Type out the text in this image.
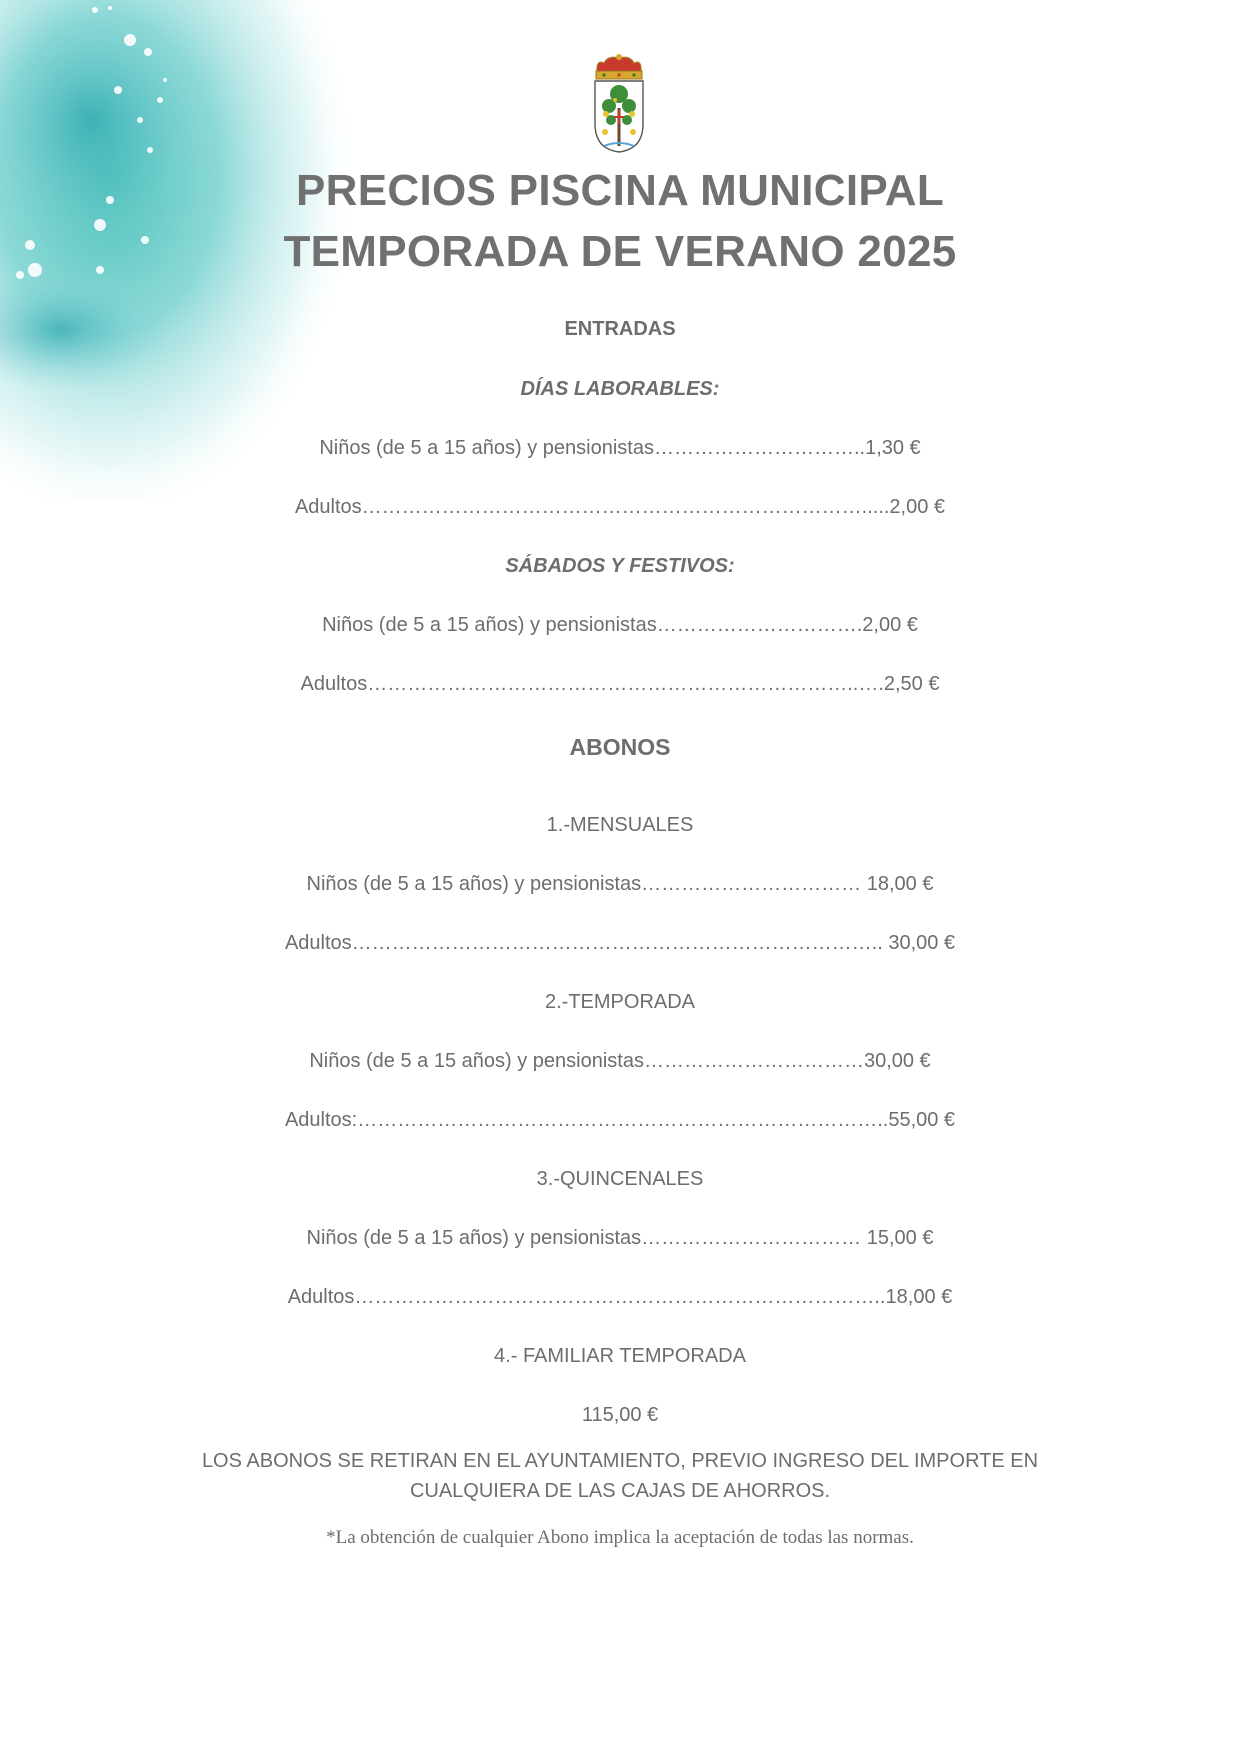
PRECIOS PISCINA MUNICIPAL
TEMPORADA DE VERANO 2025
ENTRADAS
DÍAS LABORABLES:
Niños (de 5 a 15 años) y pensionistas…………………………..1,30 €
Adultos………………………………………………………………….....2,00 €
SÁBADOS Y FESTIVOS:
Niños (de 5 a 15 años) y pensionistas………………………….2,00 €
Adultos………………………………………………………………..….2,50 €
ABONOS
1.-MENSUALES
Niños (de 5 a 15 años) y pensionistas…………………………… 18,00 €
Adultos…………………………………………………………………….. 30,00 €
2.-TEMPORADA
Niños (de 5 a 15 años) y pensionistas……………………………30,00 €
Adultos:……………………………………………………………………..55,00 €
3.-QUINCENALES
Niños (de 5 a 15 años) y pensionistas…………………………… 15,00 €
Adultos……………………………………………………………………..18,00 €
4.- FAMILIAR TEMPORADA
115,00 €
LOS ABONOS SE RETIRAN EN EL AYUNTAMIENTO, PREVIO INGRESO DEL IMPORTE EN
CUALQUIERA DE LAS CAJAS DE AHORROS.
*La obtención de cualquier Abono implica la aceptación de todas las normas.
